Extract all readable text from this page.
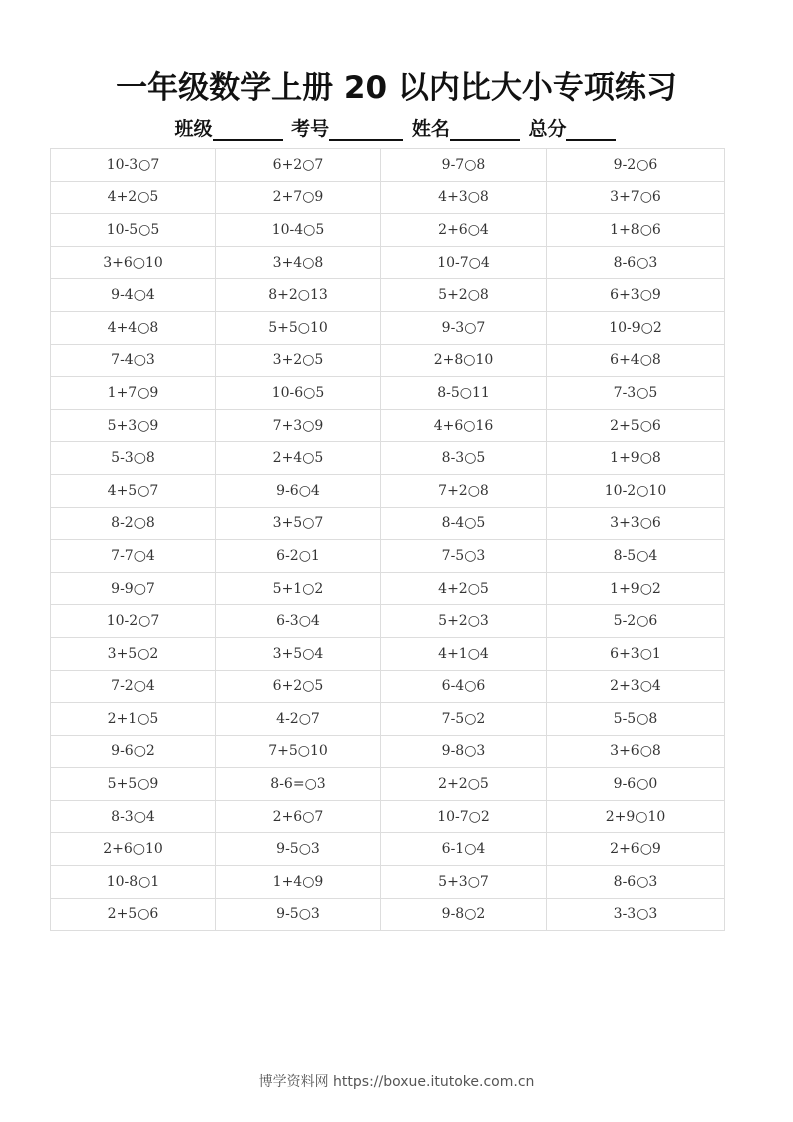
一年级数学上册 20 以内比大小专项练习
班级	考号	姓名	总分
10-3○7	6+2○7	9-7○8	9-2○6
4+2○5	2+7○9	4+3○8	3+7○6
10-5○5	10-4○5	2+6○4	1+8○6
3+6○10	3+4○8	10-7○4	8-6○3
9-4○4	8+2○13	5+2○8	6+3○9
4+4○8	5+5○10	9-3○7	10-9○2
7-4○3	3+2○5	2+8○10	6+4○8
1+7○9	10-6○5	8-5○11	7-3○5
5+3○9	7+3○9	4+6○16	2+5○6
5-3○8	2+4○5	8-3○5	1+9○8
4+5○7	9-6○4	7+2○8	10-2○10
8-2○8	3+5○7	8-4○5	3+3○6
7-7○4	6-2○1	7-5○3	8-5○4
9-9○7	5+1○2	4+2○5	1+9○2
10-2○7	6-3○4	5+2○3	5-2○6
3+5○2	3+5○4	4+1○4	6+3○1
7-2○4	6+2○5	6-4○6	2+3○4
2+1○5	4-2○7	7-5○2	5-5○8
9-6○2	7+5○10	9-8○3	3+6○8
5+5○9	8-6=○3	2+2○5	9-6○0
8-3○4	2+6○7	10-7○2	2+9○10
2+6○10	9-5○3	6-1○4	2+6○9
10-8○1	1+4○9	5+3○7	8-6○3
2+5○6	9-5○3	9-8○2	3-3○3
博学资料网 https://boxue.itutoke.com.cn
